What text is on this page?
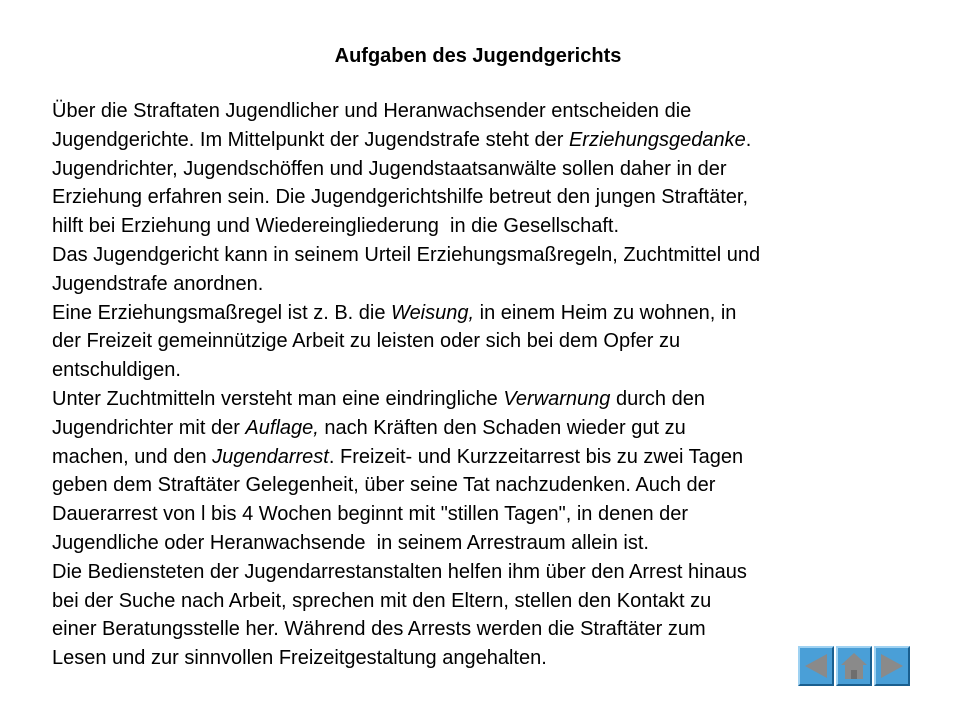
Aufgaben des Jugendgerichts
Über die Straftaten Jugendlicher und Heranwachsender entscheiden die
Jugendgerichte. Im Mittelpunkt der Jugendstrafe steht der Erziehungsgedanke.
Jugendrichter, Jugendschöffen und Jugendstaatsanwälte sollen daher in der
Erziehung erfahren sein. Die Jugendgerichtshilfe betreut den jungen Straftäter,
hilft bei Erziehung und Wiedereingliederung  in die Gesellschaft.
Das Jugendgericht kann in seinem Urteil Erziehungsmaßregeln, Zuchtmittel und
Jugendstrafe anordnen.
Eine Erziehungsmaßregel ist z. B. die Weisung, in einem Heim zu wohnen, in
der Freizeit gemeinnützige Arbeit zu leisten oder sich bei dem Opfer zu
entschuldigen.
Unter Zuchtmitteln versteht man eine eindringliche Verwarnung durch den
Jugendrichter mit der Auflage, nach Kräften den Schaden wieder gut zu
machen, und den Jugendarrest. Freizeit- und Kurzzeitarrest bis zu zwei Tagen
geben dem Straftäter Gelegenheit, über seine Tat nachzudenken. Auch der
Dauerarrest von l bis 4 Wochen beginnt mit "stillen Tagen", in denen der
Jugendliche oder Heranwachsende  in seinem Arrestraum allein ist.
Die Bediensteten der Jugendarrestanstalten helfen ihm über den Arrest hinaus
bei der Suche nach Arbeit, sprechen mit den Eltern, stellen den Kontakt zu
einer Beratungsstelle her. Während des Arrests werden die Straftäter zum
Lesen und zur sinnvollen Freizeitgestaltung angehalten.
